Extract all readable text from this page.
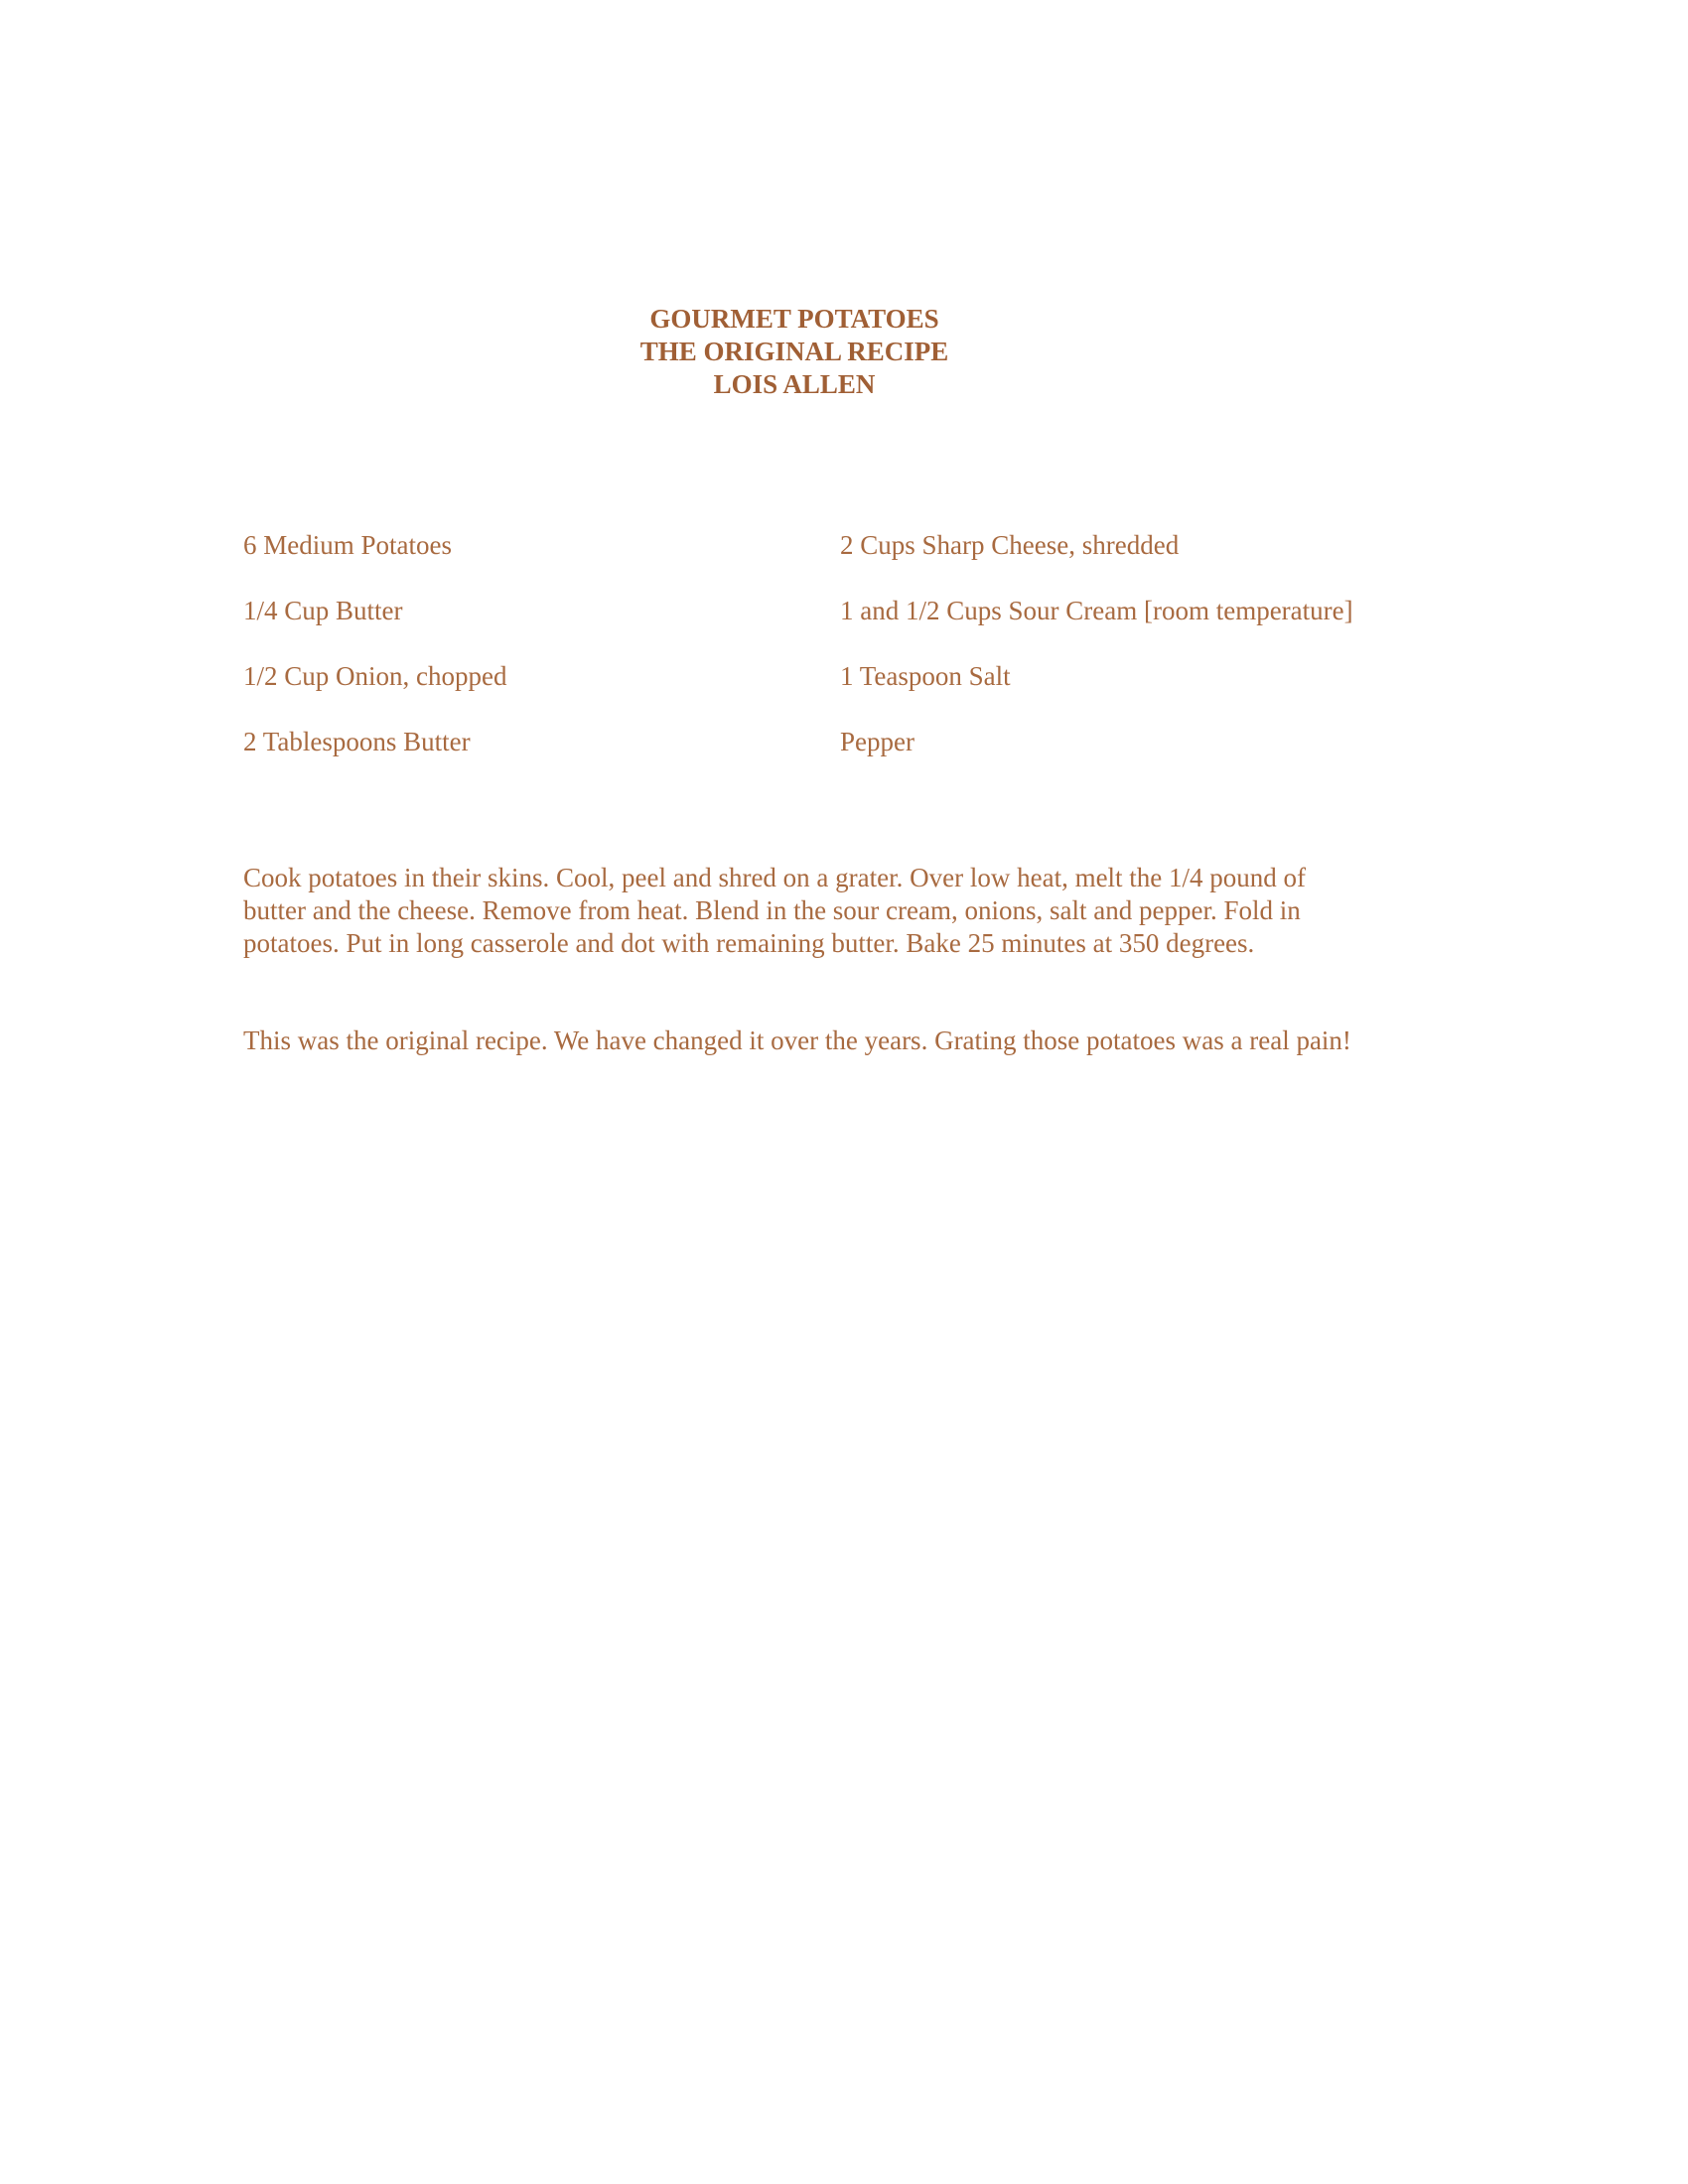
GOURMET POTATOES
THE ORIGINAL RECIPE
LOIS ALLEN
6 Medium Potatoes
1/4 Cup Butter
1/2 Cup Onion, chopped
2 Tablespoons Butter
2 Cups Sharp Cheese, shredded
1 and 1/2 Cups Sour Cream [room temperature]
1 Teaspoon Salt
Pepper
Cook potatoes in their skins. Cool, peel and shred on a grater. Over low heat, melt the 1/4 pound of
butter and the cheese. Remove from heat. Blend in the sour cream, onions, salt and pepper. Fold in
potatoes. Put in long casserole and dot with remaining butter. Bake 25 minutes at 350 degrees.
This was the original recipe. We have changed it over the years. Grating those potatoes was a real pain!
